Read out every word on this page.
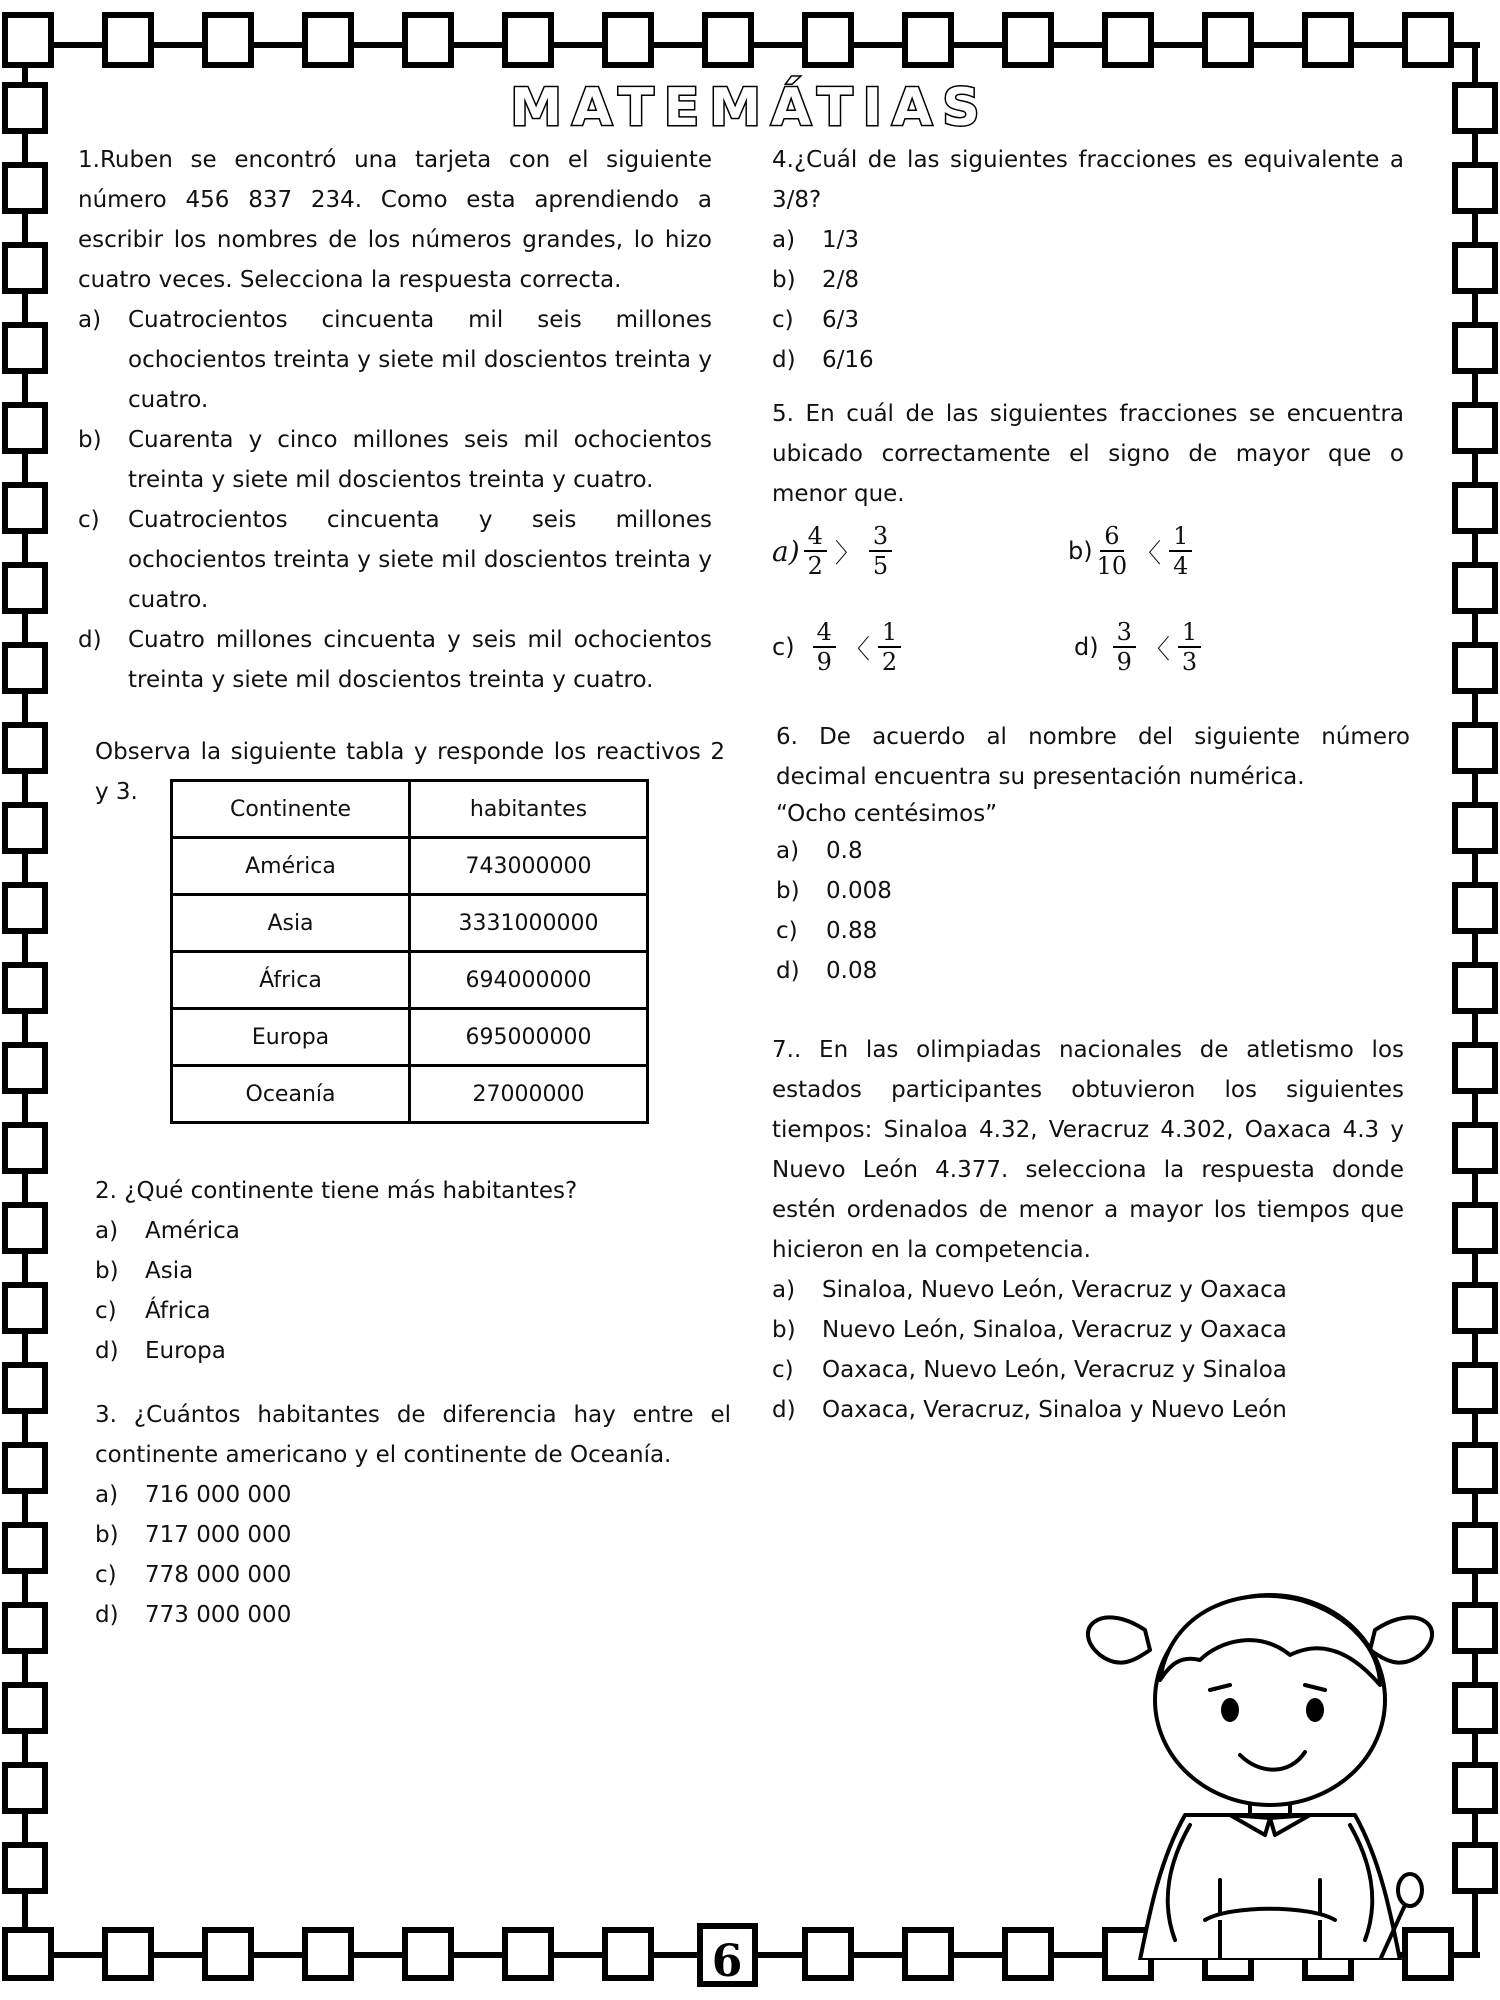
6
MATEMÁTIAS

1.Ruben se encontró una tarjeta con el siguiente número 456 837 234. Como esta aprendiendo a escribir los nombres de los números grandes, lo hizo cuatro veces. Selecciona la respuesta correcta.

a)	Cuatrocientos cincuenta mil seis millones ochocientos treinta y siete mil doscientos treinta y cuatro.
b)	Cuarenta y cinco millones seis mil ochocientos treinta y siete mil doscientos treinta y cuatro.
c)	Cuatrocientos cincuenta y seis millones ochocientos treinta y siete mil doscientos treinta y cuatro.
d)	Cuatro millones cincuenta y seis mil ochocientos treinta y siete mil doscientos treinta y cuatro.

Observa la siguiente tabla y responde los reactivos 2 y 3.

Continente	habitantes
América	743000000
Asia	3331000000
África	694000000
Europa	695000000
Oceanía	27000000

2. ¿Qué continente tiene más habitantes?

a)	América
b)	Asia
c)	África
d)	Europa

3. ¿Cuántos habitantes de diferencia hay entre el continente americano y el continente de Oceanía.

a)	716 000 000
b)	717 000 000
c)	778 000 000
d)	773 000 000

4.¿Cuál de las siguientes fracciones es equivalente a 3/8?

a)	1/3
b)	2/8
c)	6/3
d)	6/16

5. En cuál de las siguientes fracciones se encuentra ubicado correctamente el signo de mayor que o menor que.

$a) \frac{4}{2}$ 〉 $\frac{3}{5}$	$b) \frac{6}{10}$ 〈 $\frac{1}{4}$
$c) \frac{4}{9}$ 〈 $\frac{1}{2}$	$d) \frac{3}{9}$ 〈 $\frac{1}{3}$

6. De acuerdo al nombre del siguiente número decimal encuentra su presentación numérica.

“Ocho centésimos”

a)	0.8
b)	0.008
c)	0.88
d)	0.08

7.. En las olimpiadas nacionales de atletismo los estados participantes obtuvieron los siguientes tiempos: Sinaloa 4.32, Veracruz 4.302, Oaxaca 4.3 y Nuevo León 4.377. selecciona la respuesta donde estén ordenados de menor a mayor los tiempos que hicieron en la competencia.

a)	Sinaloa, Nuevo León, Veracruz y Oaxaca
b)	Nuevo León, Sinaloa, Veracruz y Oaxaca
c)	Oaxaca, Nuevo León, Veracruz y Sinaloa
d)	Oaxaca, Veracruz, Sinaloa y Nuevo León
